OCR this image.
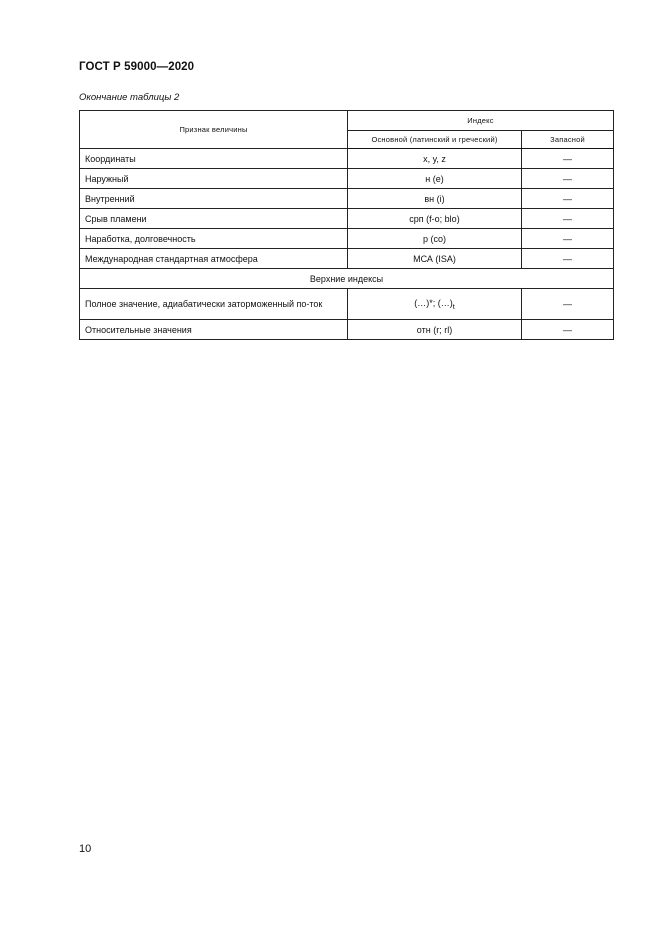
ГОСТ Р 59000—2020
Окончание таблицы 2
Признак величины	Индекс	
	Основной (латинский и греческий)	Запасной
Координаты	x, y, z	—
Наружный	н (e)	—
Внутренний	вн (i)	—
Срыв пламени	срп (f-o; blo)	—
Наработка, долговечность	р (co)	—
Международная стандартная атмосфера	МСА (ISA)	—
Верхние индексы		
Полное значение, адиабатически заторможенный по-ток	(…)*; $(\dots)_t$	—
Относительные значения	отн (r; rl)	—
10
